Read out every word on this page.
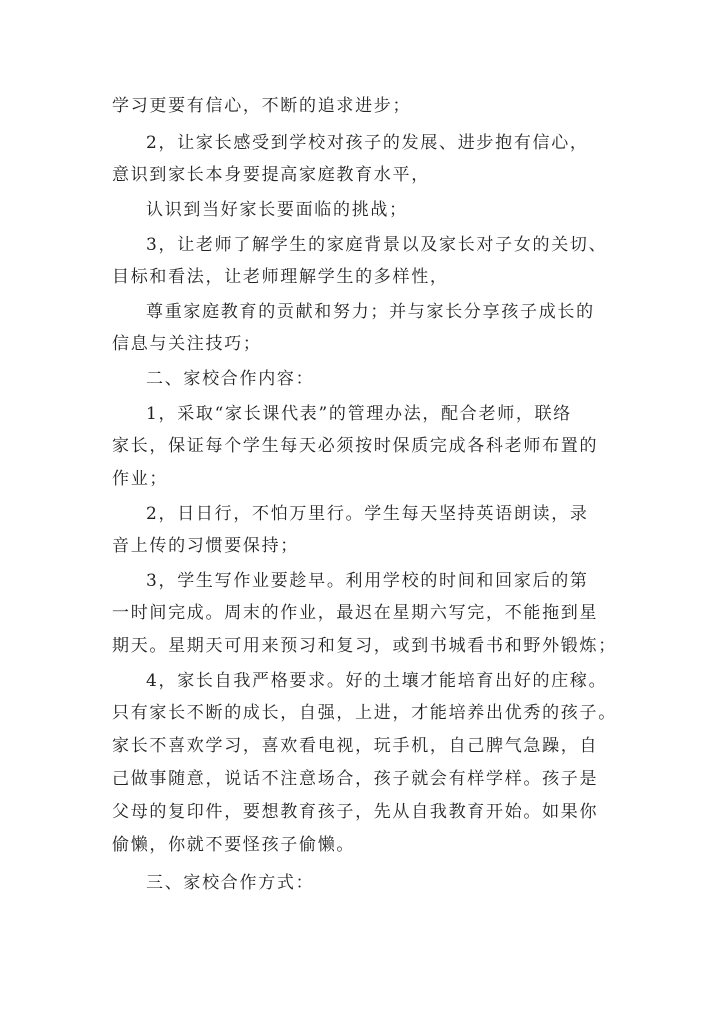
学习更要有信心，不断的追求进步；

2，让家长感受到学校对孩子的发展、进步抱有信心，

意识到家长本身要提高家庭教育水平，

认识到当好家长要面临的挑战；

3，让老师了解学生的家庭背景以及家长对子女的关切、

目标和看法，让老师理解学生的多样性，

尊重家庭教育的贡献和努力；并与家长分享孩子成长的

信息与关注技巧；

二、家校合作内容：

1，采取“家长课代表”的管理办法，配合老师，联络

家长，保证每个学生每天必须按时保质完成各科老师布置的

作业；

2，日日行，不怕万里行。学生每天坚持英语朗读，录

音上传的习惯要保持；

3，学生写作业要趁早。利用学校的时间和回家后的第

一时间完成。周末的作业，最迟在星期六写完，不能拖到星

期天。星期天可用来预习和复习，或到书城看书和野外锻炼；

4，家长自我严格要求。好的土壤才能培育出好的庄稼。

只有家长不断的成长，自强，上进，才能培养出优秀的孩子。

家长不喜欢学习，喜欢看电视，玩手机，自己脾气急躁，自

己做事随意，说话不注意场合，孩子就会有样学样。孩子是

父母的复印件，要想教育孩子，先从自我教育开始。如果你

偷懒，你就不要怪孩子偷懒。

三、家校合作方式：
